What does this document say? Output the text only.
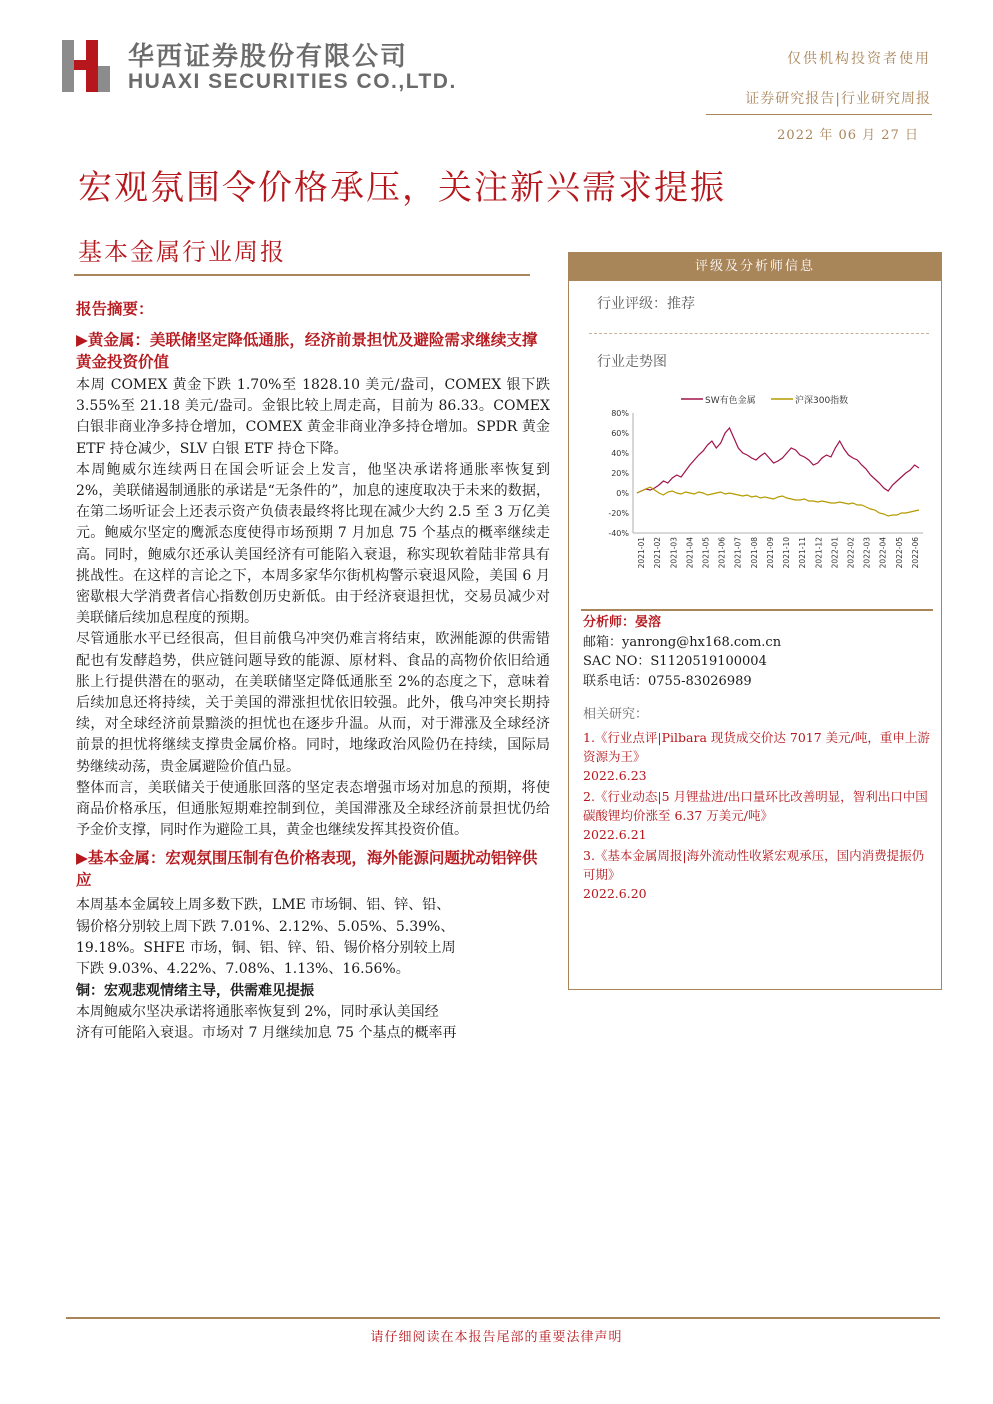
华西证券股份有限公司
HUAXI SECURITIES CO.,LTD.
仅供机构投资者使用
证券研究报告|行业研究周报
2022 年 06 月 27 日
宏观氛围令价格承压，关注新兴需求提振
基本金属行业周报
报告摘要：
▶黄金属：美联储坚定降低通胀，经济前景担忧及避险需求继续支撑黄金投资价值

本周 COMEX 黄金下跌 1.70%至 1828.10 美元/盎司，COMEX 银下跌 3.55%至 21.18 美元/盎司。金银比较上周走高，目前为 86.33。COMEX 白银非商业净多持仓增加，COMEX 黄金非商业净多持仓增加。SPDR 黄金 ETF 持仓减少，SLV 白银 ETF 持仓下降。

本周鲍威尔连续两日在国会听证会上发言，他坚决承诺将通胀率恢复到 2%，美联储遏制通胀的承诺是“无条件的”，加息的速度取决于未来的数据，在第二场听证会上还表示资产负债表最终将比现在减少大约 2.5 至 3 万亿美元。鲍威尔坚定的鹰派态度使得市场预期 7 月加息 75 个基点的概率继续走高。同时，鲍威尔还承认美国经济有可能陷入衰退，称实现软着陆非常具有挑战性。在这样的言论之下，本周多家华尔街机构警示衰退风险，美国 6 月密歇根大学消费者信心指数创历史新低。由于经济衰退担忧，交易员减少对美联储后续加息程度的预期。

尽管通胀水平已经很高，但目前俄乌冲突仍难言将结束，欧洲能源的供需错配也有发酵趋势，供应链问题导致的能源、原材料、食品的高物价依旧给通胀上行提供潜在的驱动，在美联储坚定降低通胀至 2%的态度之下，意味着后续加息还将持续，关于美国的滞涨担忧依旧较强。此外，俄乌冲突长期持续，对全球经济前景黯淡的担忧也在逐步升温。从而，对于滞涨及全球经济前景的担忧将继续支撑贵金属价格。同时，地缘政治风险仍在持续，国际局势继续动荡，贵金属避险价值凸显。

整体而言，美联储关于使通胀回落的坚定表态增强市场对加息的预期，将使商品价格承压，但通胀短期难控制到位，美国滞涨及全球经济前景担忧仍给予金价支撑，同时作为避险工具，黄金也继续发挥其投资价值。

▶基本金属：宏观氛围压制有色价格表现，海外能源问题扰动铝锌供应
本周基本金属较上周多数下跌，LME 市场铜、铝、锌、铅、
锡价格分别较上周下跌 7.01%、2.12%、5.05%、5.39%、
19.18%。SHFE 市场，铜、铝、锌、铅、锡价格分别较上周
下跌 9.03%、4.22%、7.08%、1.13%、16.56%。
铜：宏观悲观情绪主导，供需难见提振
本周鲍威尔坚决承诺将通胀率恢复到 2%，同时承认美国经
济有可能陷入衰退。市场对 7 月继续加息 75 个基点的概率再
评级及分析师信息
行业评级：推荐
行业走势图
SW有色金属	沪深300指数
80%
60%
40%
20%
0%
-20%
-40%
2021-01 2021-02 2021-03 2021-04 2021-05 2021-06 2021-07 2021-08 2021-09 2021-10 2021-11 2021-12 2022-01 2022-02 2022-03 2022-04 2022-05 2022-06
分析师：晏溶
邮箱：yanrong@hx168.com.cn
SAC NO：S1120519100004
联系电话：0755-83026989
相关研究：
1.《行业点评|Pilbara 现货成交价达 7017 美元/吨，重申上游资源为王》
2022.6.23
2.《行业动态|5 月锂盐进/出口量环比改善明显，智利出口中国碳酸锂均价涨至 6.37 万美元/吨》
2022.6.21
3.《基本金属周报|海外流动性收紧宏观承压，国内消费提振仍可期》
2022.6.20
请仔细阅读在本报告尾部的重要法律声明
